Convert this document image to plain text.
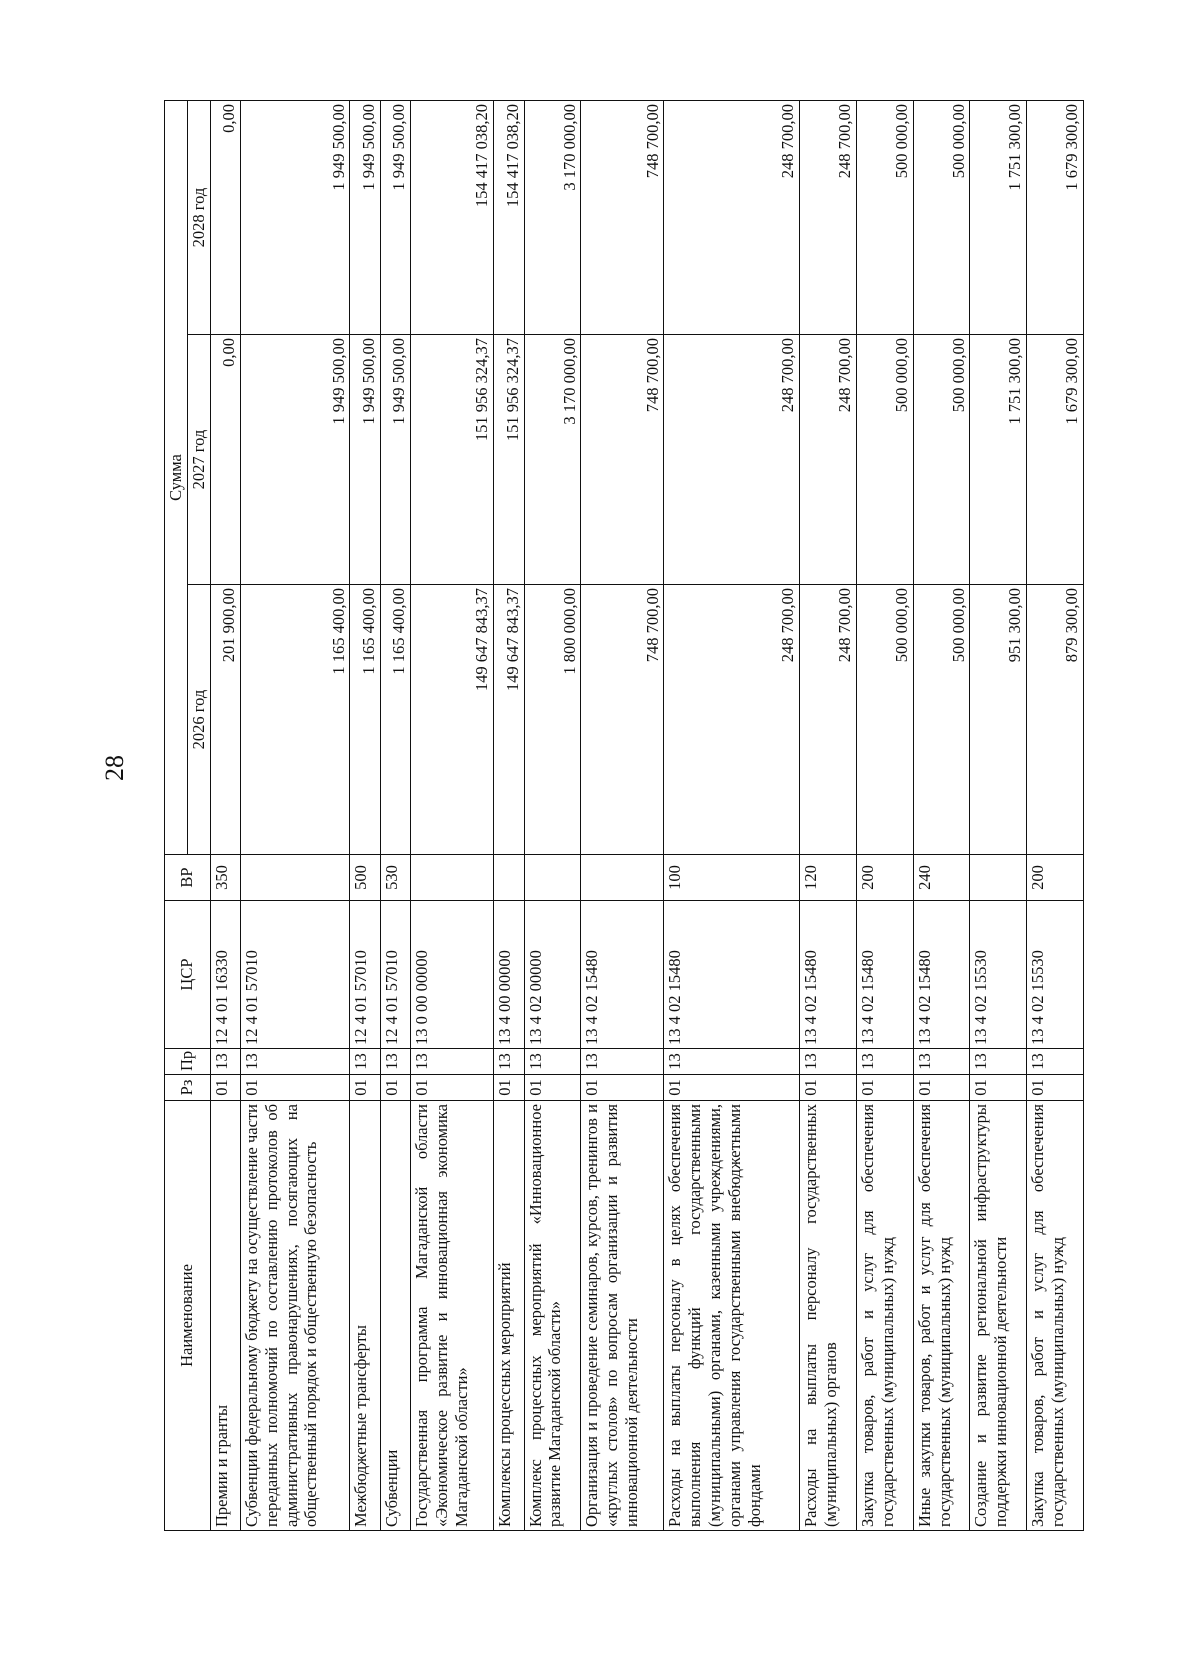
28
Наименование	Рз	Пр	ЦСР	ВР	Сумма		
					2026 год	2027 год	2028 год
Премии и гранты	01	13	12 4 01 16330	350	201 900,00	0,00	0,00
Субвенции федеральному бюджету на осуществление части переданных полномочий по составлению протоколов об административных правонарушениях, посягающих на общественный порядок и общественную безопасность	01	13	12 4 01 57010		1 165 400,00	1 949 500,00	1 949 500,00
Межбюджетные трансферты	01	13	12 4 01 57010	500	1 165 400,00	1 949 500,00	1 949 500,00
Субвенции	01	13	12 4 01 57010	530	1 165 400,00	1 949 500,00	1 949 500,00
Государственная программа Магаданской области «Экономическое развитие и инновационная экономика Магаданской области»	01	13	13 0 00 00000		149 647 843,37	151 956 324,37	154 417 038,20
Комплексы процессных мероприятий	01	13	13 4 00 00000		149 647 843,37	151 956 324,37	154 417 038,20
Комплекс процессных мероприятий «Инновационное развитие Магаданской области»	01	13	13 4 02 00000		1 800 000,00	3 170 000,00	3 170 000,00
Организация и проведение семинаров, курсов, тренингов и «круглых столов» по вопросам организации и развития инновационной деятельности	01	13	13 4 02 15480		748 700,00	748 700,00	748 700,00
Расходы на выплаты персоналу в целях обеспечения выполнения функций государственными (муниципальными) органами, казенными учреждениями, органами управления государственными внебюджетными фондами	01	13	13 4 02 15480	100	248 700,00	248 700,00	248 700,00
Расходы на выплаты персоналу государственных (муниципальных) органов	01	13	13 4 02 15480	120	248 700,00	248 700,00	248 700,00
Закупка товаров, работ и услуг для обеспечения государственных (муниципальных) нужд	01	13	13 4 02 15480	200	500 000,00	500 000,00	500 000,00
Иные закупки товаров, работ и услуг для обеспечения государственных (муниципальных) нужд	01	13	13 4 02 15480	240	500 000,00	500 000,00	500 000,00
Создание и развитие региональной инфраструктуры поддержки инновационной деятельности	01	13	13 4 02 15530		951 300,00	1 751 300,00	1 751 300,00
Закупка товаров, работ и услуг для обеспечения государственных (муниципальных) нужд	01	13	13 4 02 15530	200	879 300,00	1 679 300,00	1 679 300,00
